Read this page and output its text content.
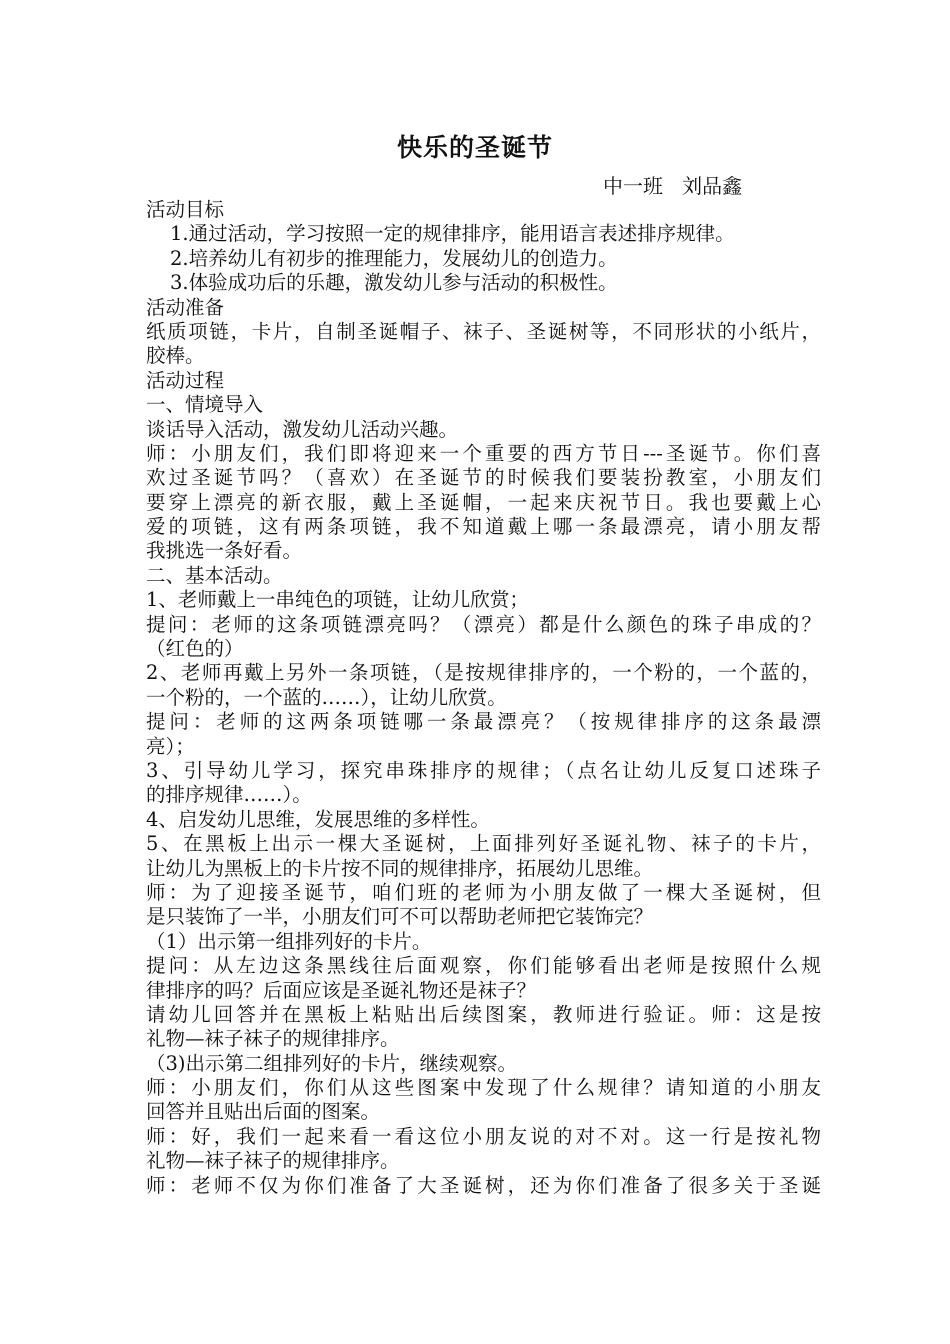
快乐的圣诞节
中一班   刘品鑫
活动目标
1.通过活动，学习按照一定的规律排序，能用语言表述排序规律。
2.培养幼儿有初步的推理能力，发展幼儿的创造力。
3.体验成功后的乐趣，激发幼儿参与活动的积极性。
活动准备
纸质项链，卡片，自制圣诞帽子、袜子、圣诞树等，不同形状的小纸片，
胶棒。
活动过程
一、情境导入
谈话导入活动，激发幼儿活动兴趣。
师：小朋友们，我们即将迎来一个重要的西方节日---圣诞节。你们喜
欢过圣诞节吗？（喜欢）在圣诞节的时候我们要装扮教室，小朋友们
要穿上漂亮的新衣服，戴上圣诞帽，一起来庆祝节日。我也要戴上心
爱的项链，这有两条项链，我不知道戴上哪一条最漂亮，请小朋友帮
我挑选一条好看。
二、基本活动。
1、老师戴上一串纯色的项链，让幼儿欣赏；
提问：老师的这条项链漂亮吗？（漂亮）都是什么颜色的珠子串成的？
（红色的）
2、老师再戴上另外一条项链，（是按规律排序的，一个粉的，一个蓝的，
一个粉的，一个蓝的……），让幼儿欣赏。
提问：老师的这两条项链哪一条最漂亮？（按规律排序的这条最漂
亮）；
3、引导幼儿学习，探究串珠排序的规律；（点名让幼儿反复口述珠子
的排序规律……）。
4、启发幼儿思维，发展思维的多样性。
5、在黑板上出示一棵大圣诞树，上面排列好圣诞礼物、袜子的卡片，
让幼儿为黑板上的卡片按不同的规律排序，拓展幼儿思维。
师：为了迎接圣诞节，咱们班的老师为小朋友做了一棵大圣诞树，但
是只装饰了一半，小朋友们可不可以帮助老师把它装饰完？
（1）出示第一组排列好的卡片。
提问：从左边这条黑线往后面观察，你们能够看出老师是按照什么规
律排序的吗？后面应该是圣诞礼物还是袜子？
请幼儿回答并在黑板上粘贴出后续图案，教师进行验证。师：这是按
礼物—袜子袜子的规律排序。
（3)出示第二组排列好的卡片，继续观察。
师：小朋友们，你们从这些图案中发现了什么规律？请知道的小朋友
回答并且贴出后面的图案。
师：好，我们一起来看一看这位小朋友说的对不对。这一行是按礼物
礼物—袜子袜子的规律排序。
师：老师不仅为你们准备了大圣诞树，还为你们准备了很多关于圣诞
